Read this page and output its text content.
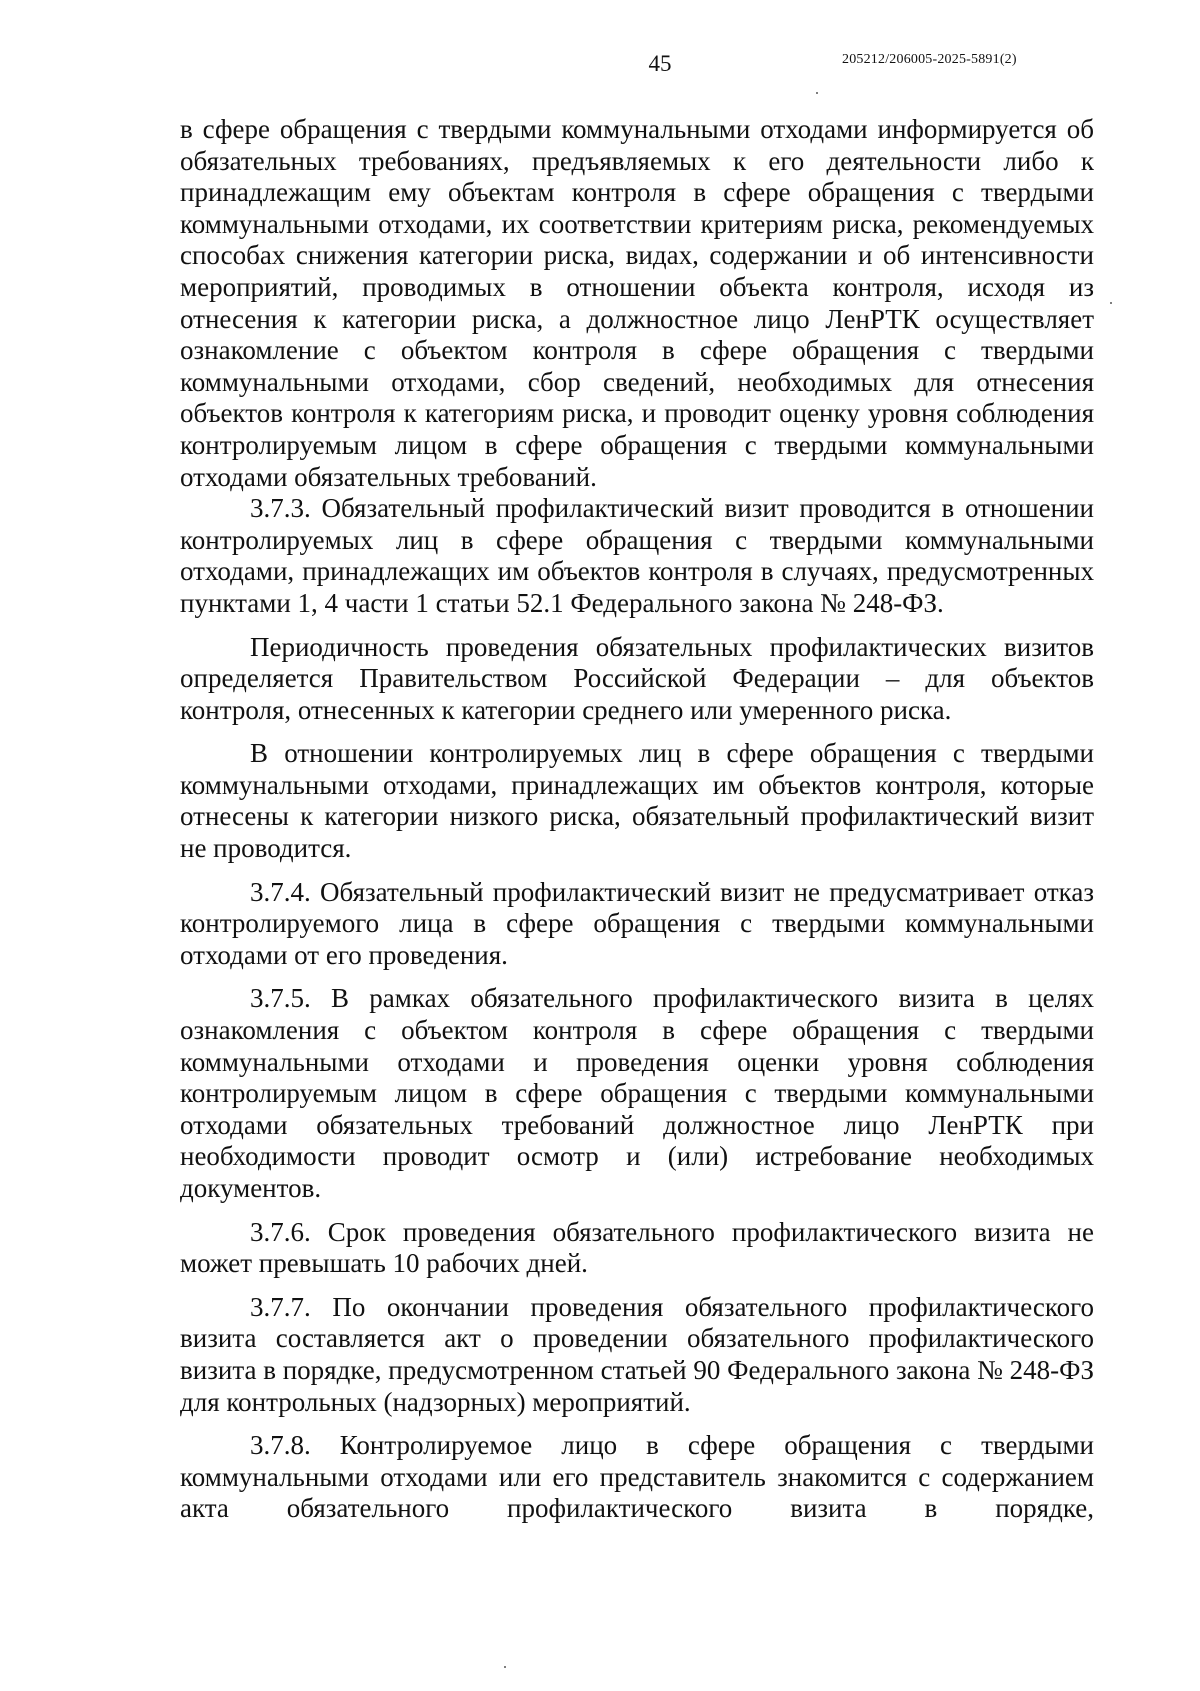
45	205212/206005-2025-5891(2)

в сфере обращения с твердыми коммунальными отходами информируется об обязательных требованиях, предъявляемых к его деятельности либо к принадлежащим ему объектам контроля в сфере обращения с твердыми коммунальными отходами, их соответствии критериям риска, рекомендуемых способах снижения категории риска, видах, содержании и об интенсивности мероприятий, проводимых в отношении объекта контроля, исходя из отнесения к категории риска, а должностное лицо ЛенРТК осуществляет ознакомление с объектом контроля в сфере обращения с твердыми коммунальными отходами, сбор сведений, необходимых для отнесения объектов контроля к категориям риска, и проводит оценку уровня соблюдения контролируемым лицом в сфере обращения с твердыми коммунальными отходами обязательных требований.

3.7.3. Обязательный профилактический визит проводится в отношении контролируемых лиц в сфере обращения с твердыми коммунальными отходами, принадлежащих им объектов контроля в случаях, предусмотренных пунктами 1, 4 части 1 статьи 52.1 Федерального закона № 248-ФЗ.

Периодичность проведения обязательных профилактических визитов определяется Правительством Российской Федерации – для объектов контроля, отнесенных к категории среднего или умеренного риска.

В отношении контролируемых лиц в сфере обращения с твердыми коммунальными отходами, принадлежащих им объектов контроля, которые отнесены к категории низкого риска, обязательный профилактический визит не проводится.

3.7.4. Обязательный профилактический визит не предусматривает отказ контролируемого лица в сфере обращения с твердыми коммунальными отходами от его проведения.

3.7.5. В рамках обязательного профилактического визита в целях ознакомления с объектом контроля в сфере обращения с твердыми коммунальными отходами и проведения оценки уровня соблюдения контролируемым лицом в сфере обращения с твердыми коммунальными отходами обязательных требований должностное лицо ЛенРТК при необходимости проводит осмотр и (или) истребование необходимых документов.

3.7.6. Срок проведения обязательного профилактического визита не может превышать 10 рабочих дней.

3.7.7. По окончании проведения обязательного профилактического визита составляется акт о проведении обязательного профилактического визита в порядке, предусмотренном статьей 90 Федерального закона № 248-ФЗ для контрольных (надзорных) мероприятий.

3.7.8. Контролируемое лицо в сфере обращения с твердыми коммунальными отходами или его представитель знакомится с содержанием акта обязательного профилактического визита в порядке,
